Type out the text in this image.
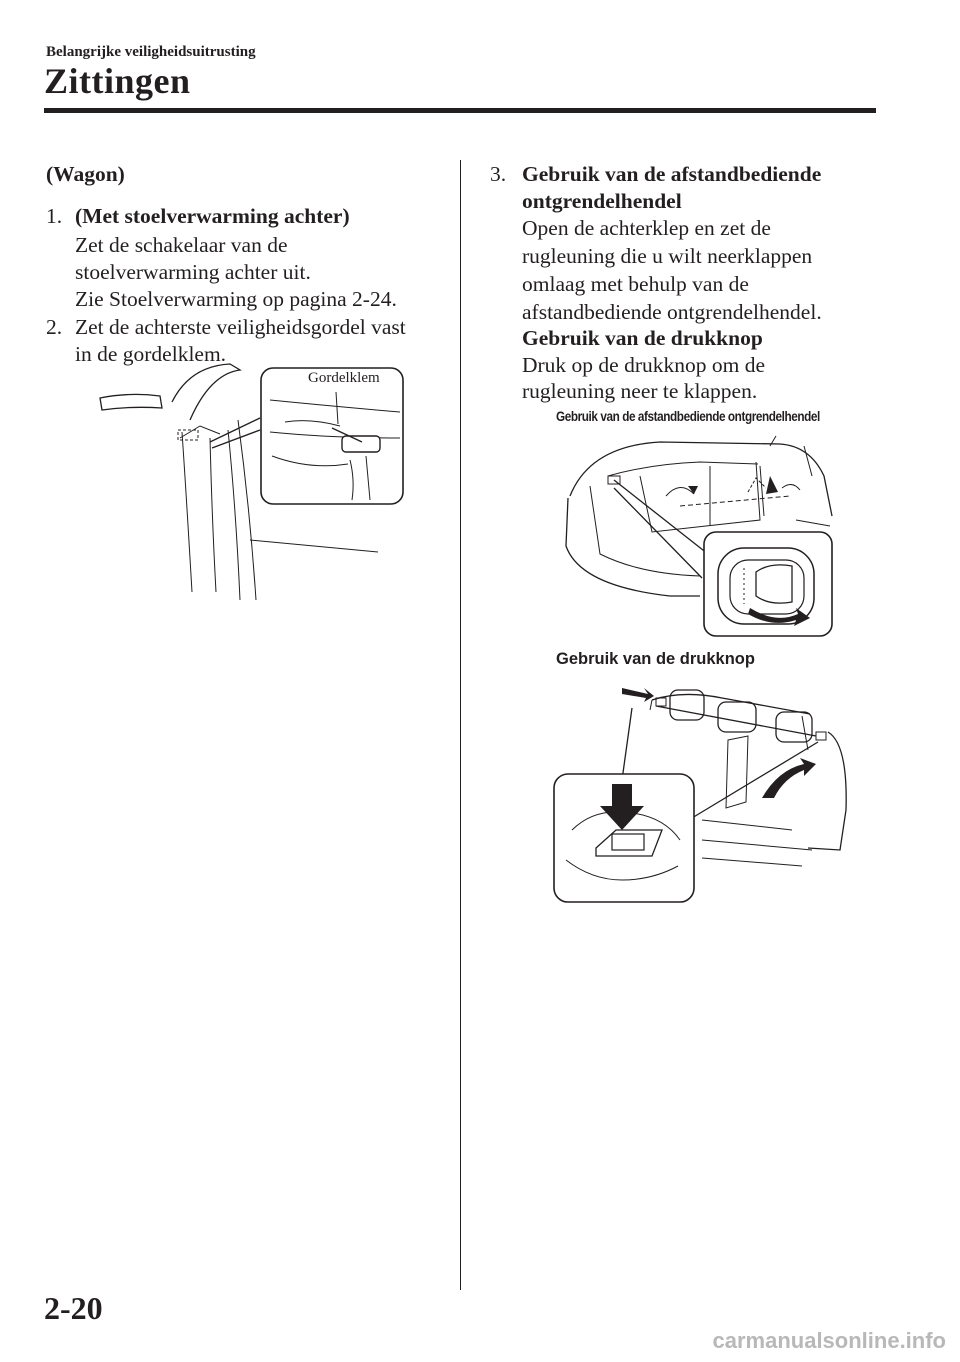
Belangrijke veiligheidsuitrusting
Zittingen
(Wagon)
1. (Met stoelverwarming achter)
Zet de schakelaar van de
stoelverwarming achter uit.
Zie Stoelverwarming op pagina 2-24.
2. Zet de achterste veiligheidsgordel vast
in de gordelklem.
Gordelklem
3. Gebruik van de afstandbediende
ontgrendelhendel
Open de achterklep en zet de
rugleuning die u wilt neerklappen
omlaag met behulp van de
afstandbediende ontgrendelhendel.
Gebruik van de drukknop
Druk op de drukknop om de
rugleuning neer te klappen.
Gebruik van de afstandbediende ontgrendelhendel
Gebruik van de drukknop
2-20
carmanualsonline.info
